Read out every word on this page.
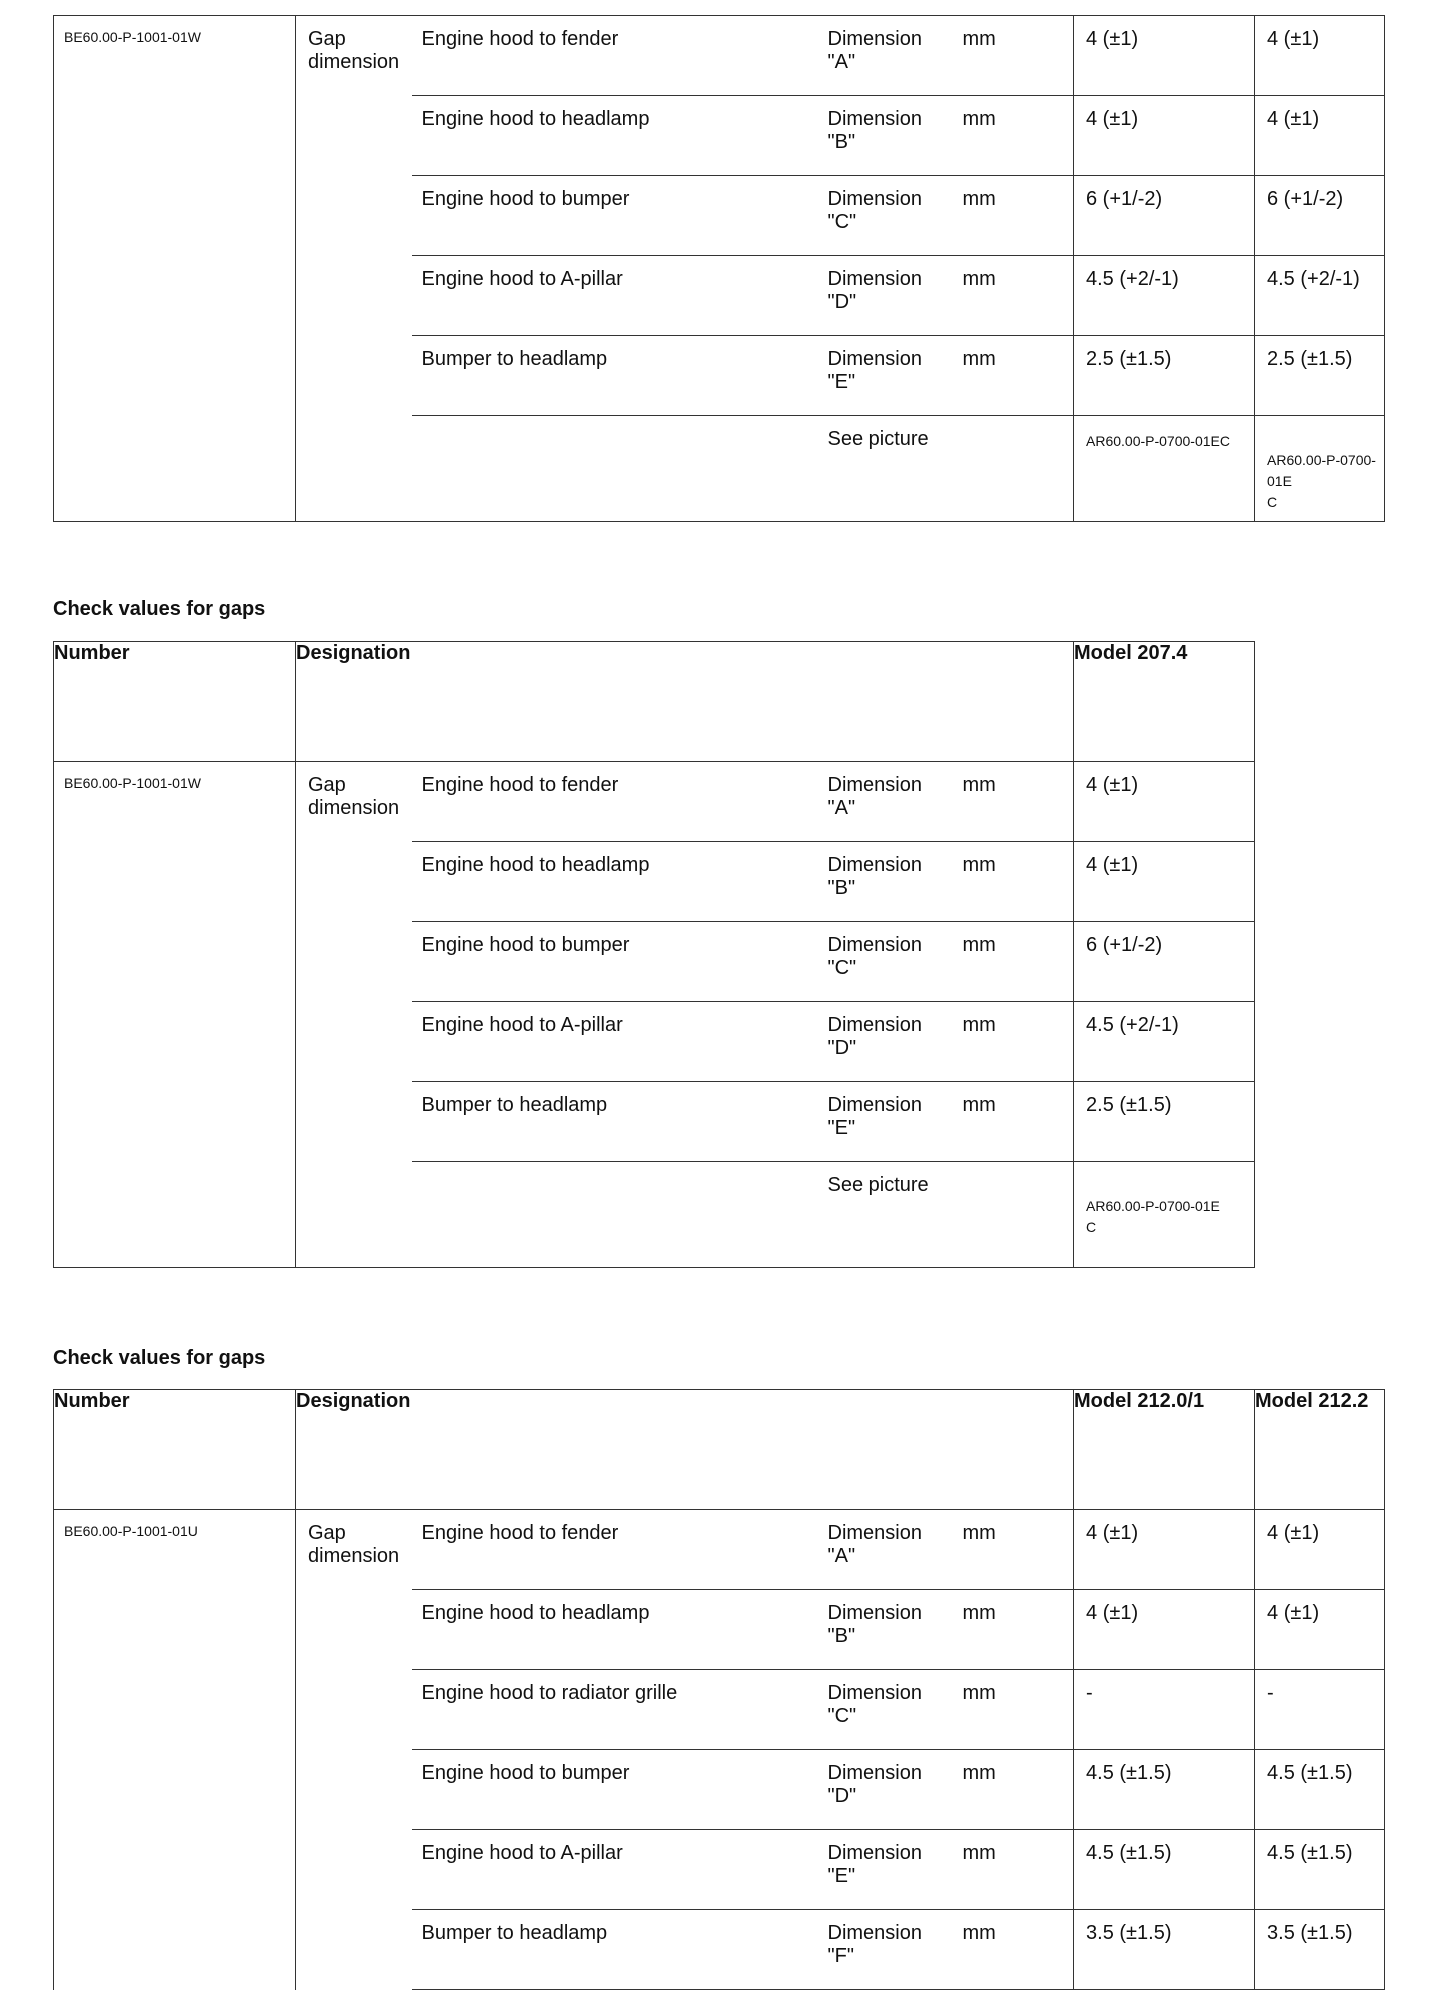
BE60.00-P-1001-01W	Gap dimension	Engine hood to fender	Dimension
"A"	mm	4 (±1)	4 (±1)
		Engine hood to headlamp	Dimension
"B"	mm	4 (±1)	4 (±1)
		Engine hood to bumper	Dimension
"C"	mm	6 (+1/-2)	6 (+1/-2)
		Engine hood to A-pillar	Dimension
"D"	mm	4.5 (+2/-1)	4.5 (+2/-1)
		Bumper to headlamp	Dimension
"E"	mm	2.5 (±1.5)	2.5 (±1.5)
			See picture		AR60.00-P-0700-01EC	AR60.00-P-0700-01E
C
Check values for gaps
Number	Designation				Model 207.4
BE60.00-P-1001-01W	Gap dimension	Engine hood to fender	Dimension
"A"	mm	4 (±1)
		Engine hood to headlamp	Dimension
"B"	mm	4 (±1)
		Engine hood to bumper	Dimension
"C"	mm	6 (+1/-2)
		Engine hood to A-pillar	Dimension
"D"	mm	4.5 (+2/-1)
		Bumper to headlamp	Dimension
"E"	mm	2.5 (±1.5)
			See picture		AR60.00-P-0700-01E
C
Check values for gaps
Number	Designation				Model 212.0/1	Model 212.2
BE60.00-P-1001-01U	Gap dimension	Engine hood to fender	Dimension
"A"	mm	4 (±1)	4 (±1)
		Engine hood to headlamp	Dimension
"B"	mm	4 (±1)	4 (±1)
		Engine hood to radiator grille	Dimension
"C"	mm	-	-
		Engine hood to bumper	Dimension
"D"	mm	4.5 (±1.5)	4.5 (±1.5)
		Engine hood to A-pillar	Dimension
"E"	mm	4.5 (±1.5)	4.5 (±1.5)
		Bumper to headlamp	Dimension
"F"	mm	3.5 (±1.5)	3.5 (±1.5)
